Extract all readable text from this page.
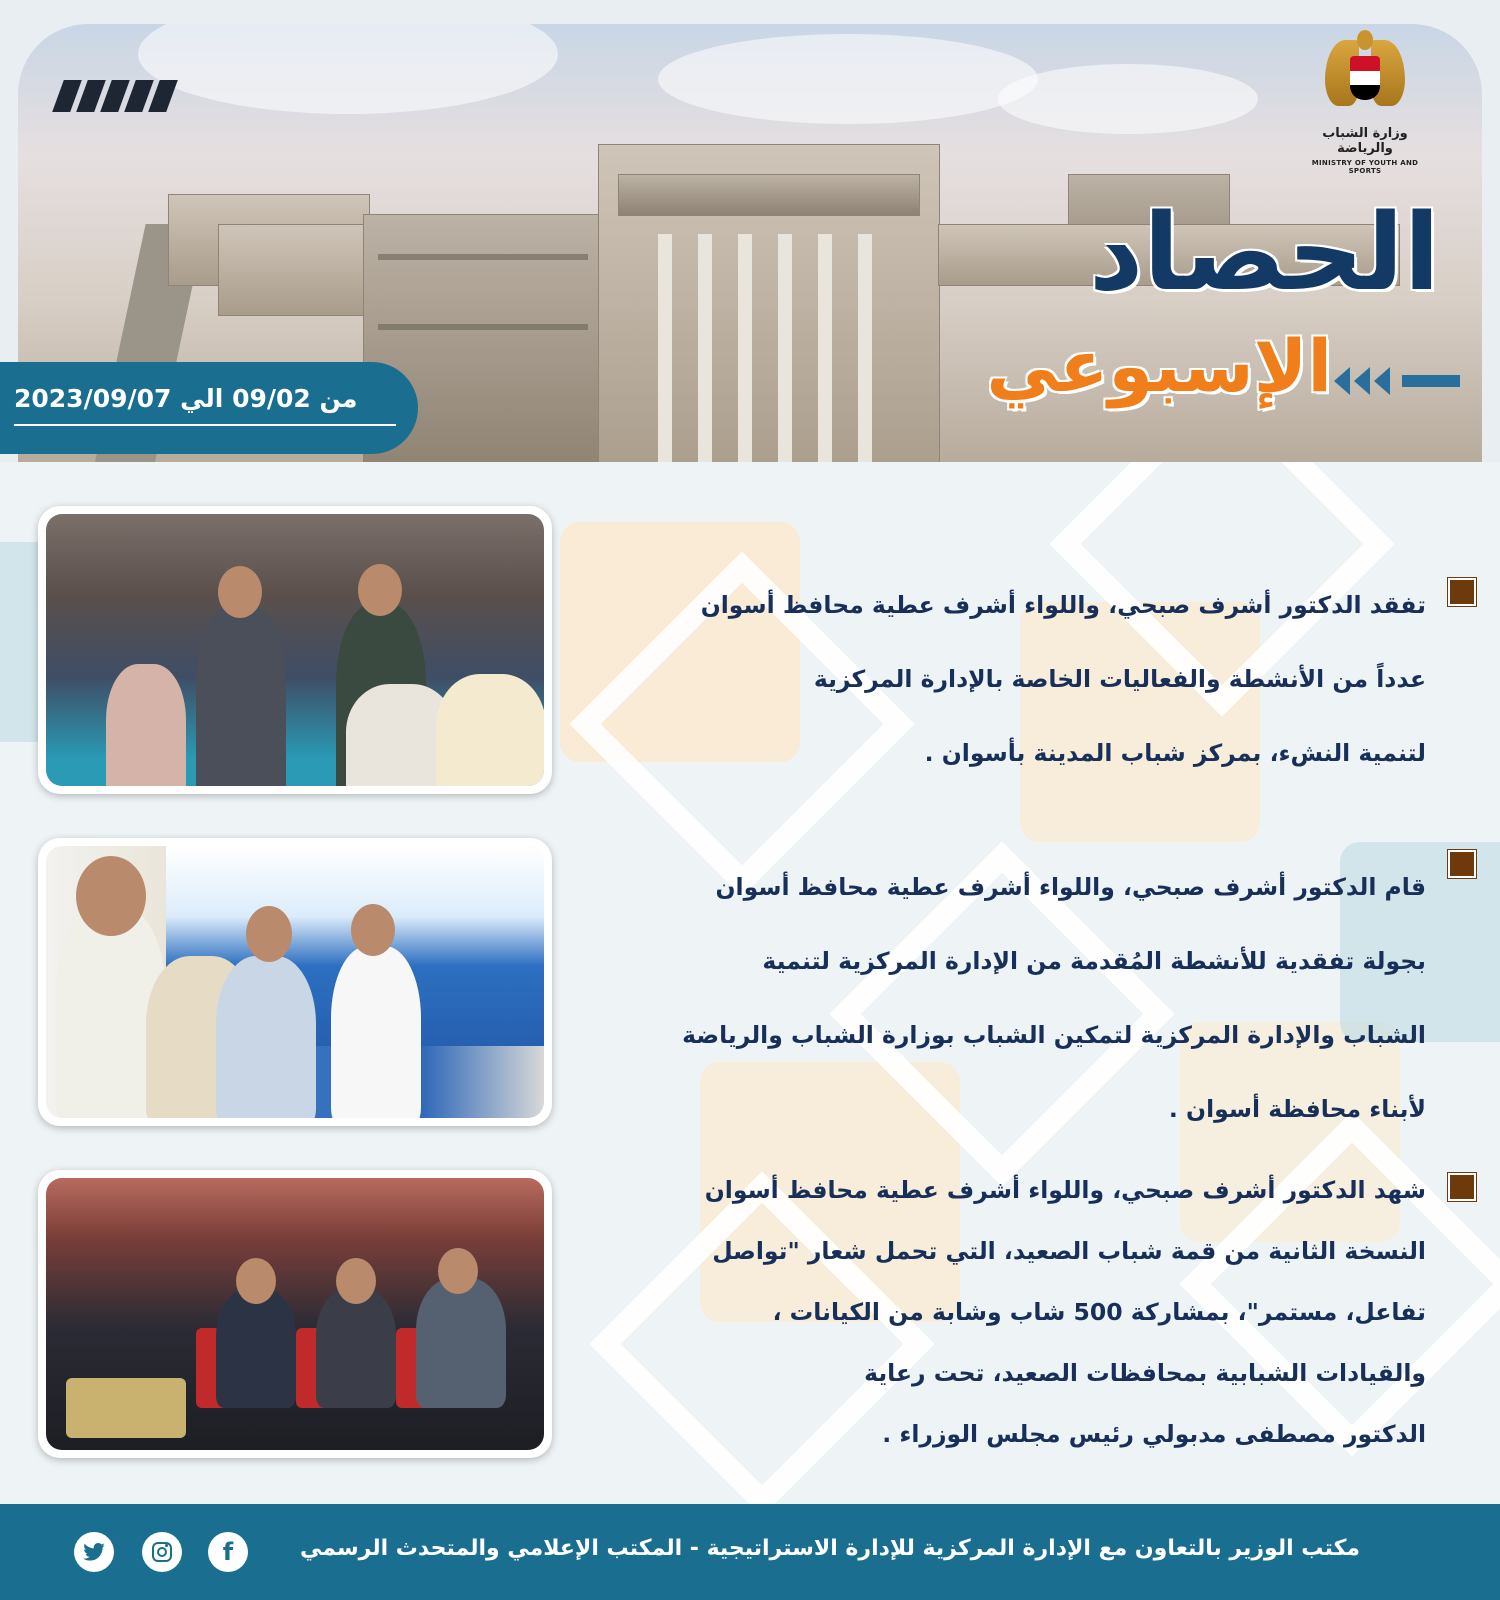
وزارة الشباب والرياضة
MINISTRY OF YOUTH AND SPORTS
الحصاد
الإسبوعي
من 09/02 الي 2023/09/07
تفقد الدكتور أشرف صبحي، واللواء أشرف عطية محافظ أسوان
عدداً من الأنشطة والفعاليات الخاصة بالإدارة المركزية
لتنمية النشء، بمركز شباب المدينة بأسوان .
قام الدكتور أشرف صبحي، واللواء أشرف عطية محافظ أسوان
بجولة تفقدية للأنشطة المُقدمة من الإدارة المركزية لتنمية
الشباب والإدارة المركزية لتمكين الشباب بوزارة الشباب والرياضة
لأبناء محافظة أسوان .
شهد الدكتور أشرف صبحي، واللواء أشرف عطية محافظ أسوان
النسخة الثانية من قمة شباب الصعيد، التي تحمل شعار "تواصل
تفاعل، مستمر"، بمشاركة 500 شاب وشابة من الكيانات ،
والقيادات الشبابية بمحافظات الصعيد، تحت رعاية
الدكتور مصطفى مدبولي رئيس مجلس الوزراء .
مكتب الوزير بالتعاون مع الإدارة المركزية للإدارة الاستراتيجية - المكتب الإعلامي والمتحدث الرسمي
f
